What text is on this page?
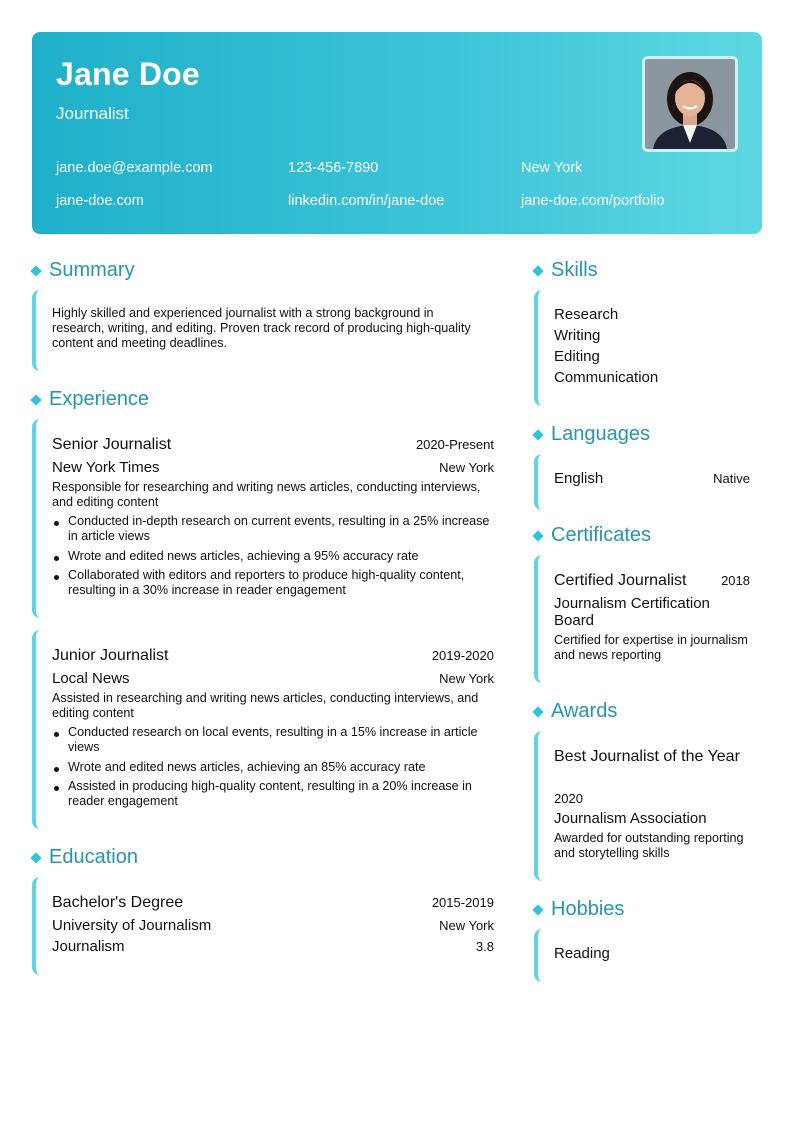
Jane Doe
Journalist
jane.doe@example.com	123-456-7890	New York
jane-doe.com	linkedin.com/in/jane-doe	jane-doe.com/portfolio
Summary
Highly skilled and experienced journalist with a strong background in research, writing, and editing. Proven track record of producing high-quality content and meeting deadlines.
Experience
Senior Journalist	2020-Present
New York Times	New York
Responsible for researching and writing news articles, conducting interviews, and editing content
Conducted in-depth research on current events, resulting in a 25% increase in article views
Wrote and edited news articles, achieving a 95% accuracy rate
Collaborated with editors and reporters to produce high-quality content, resulting in a 30% increase in reader engagement
Junior Journalist	2019-2020
Local News	New York
Assisted in researching and writing news articles, conducting interviews, and editing content
Conducted research on local events, resulting in a 15% increase in article views
Wrote and edited news articles, achieving an 85% accuracy rate
Assisted in producing high-quality content, resulting in a 20% increase in reader engagement
Education
Bachelor's Degree	2015-2019
University of Journalism	New York
Journalism	3.8
Skills
Research
Writing
Editing
Communication
Languages
English	Native
Certificates
Certified Journalist	2018
Journalism Certification Board
Certified for expertise in journalism and news reporting
Awards
Best Journalist of the Year
2020
Journalism Association
Awarded for outstanding reporting and storytelling skills
Hobbies
Reading
